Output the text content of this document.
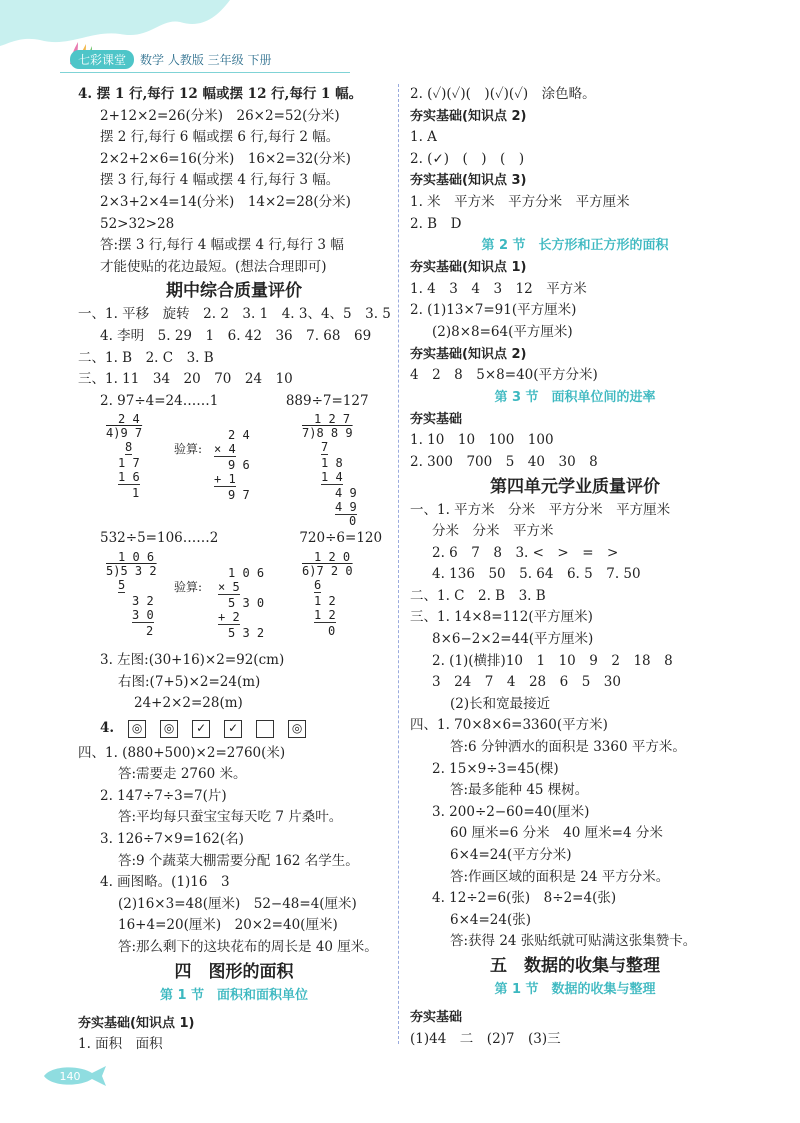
七彩课堂	数学 人教版 三年级 下册
4. 摆 1 行,每行 12 幅或摆 12 行,每行 1 幅。
2+12×2=26(分米)　26×2=52(分米)
摆 2 行,每行 6 幅或摆 6 行,每行 2 幅。
2×2+2×6=16(分米)　16×2=32(分米)
摆 3 行,每行 4 幅或摆 4 行,每行 3 幅。
2×3+2×4=14(分米)　14×2=28(分米)
52>32>28
答:摆 3 行,每行 4 幅或摆 4 行,每行 3 幅
才能使贴的花边最短。(想法合理即可)
期中综合质量评价
一、1. 平移　旋转　2. 2　3. 1　4. 3、4、5　3. 5
4. 李明　5. 29　1　6. 42　36　7. 68　69
二、1. B　2. C　3. B
三、1. 11　34　20　70　24　10
2. 97÷4=24……1　　　　　889÷7=127
2 4
4)9 7
8
1 7
1 6
1
验算:
2 4
× 4
9 6
+ 1
9 7
1 2 7
7)8 8 9
7
1 8
1 4
4 9
4 9
0
532÷5=106……2　　　　　　720÷6=120
1 0 6
5)5 3 2
5
3 2
3 0
2
验算:
1 0 6
× 5
5 3 0
+ 2
5 3 2
1 2 0
6)7 2 0
6
1 2
1 2
0
3. 左图:(30+16)×2=92(cm)
右图:(7+5)×2=24(m)
24+2×2=28(m)
4.	◎	◎	✓	✓	◎
四、1. (880+500)×2=2760(米)
答:需要走 2760 米。
2. 147÷7÷3=7(片)
答:平均每只蚕宝宝每天吃 7 片桑叶。
3. 126÷7×9=162(名)
答:9 个蔬菜大棚需要分配 162 名学生。
4. 画图略。(1)16　3
(2)16×3=48(厘米)　52−48=4(厘米)
16+4=20(厘米)　20×2=40(厘米)
答:那么剩下的这块花布的周长是 40 厘米。
四　图形的面积
第 1 节　面积和面积单位
夯实基础(知识点 1)
1. 面积　面积
2. (✓)(✓)(　)(✓)(✓)　涂色略。
夯实基础(知识点 2)
1. A
2. (✓)　(　)　(　)
夯实基础(知识点 3)
1. 米　平方米　平方分米　平方厘米
2. B　D
第 2 节　长方形和正方形的面积
夯实基础(知识点 1)
1. 4　3　4　3　12　平方米
2. (1)13×7=91(平方厘米)
(2)8×8=64(平方厘米)
夯实基础(知识点 2)
4　2　8　5×8=40(平方分米)
第 3 节　面积单位间的进率
夯实基础
1. 10　10　100　100
2. 300　700　5　40　30　8
第四单元学业质量评价
一、1. 平方米　分米　平方分米　平方厘米
分米　分米　平方米
2. 6　7　8　3. <　>　=　>
4. 136　50　5. 64　6. 5　7. 50
二、1. C　2. B　3. B
三、1. 14×8=112(平方厘米)
8×6−2×2=44(平方厘米)
2. (1)(横排)10　1　10　9　2　18　8
3　24　7　4　28　6　5　30
(2)长和宽最接近
四、1. 70×8×6=3360(平方米)
答:6 分钟洒水的面积是 3360 平方米。
2. 15×9÷3=45(棵)
答:最多能种 45 棵树。
3. 200÷2−60=40(厘米)
60 厘米=6 分米　40 厘米=4 分米
6×4=24(平方分米)
答:作画区域的面积是 24 平方分米。
4. 12÷2=6(张)　8÷2=4(张)
6×4=24(张)
答:获得 24 张贴纸就可贴满这张集赞卡。
五　数据的收集与整理
第 1 节　数据的收集与整理
夯实基础
(1)44　二　(2)7　(3)三
140
